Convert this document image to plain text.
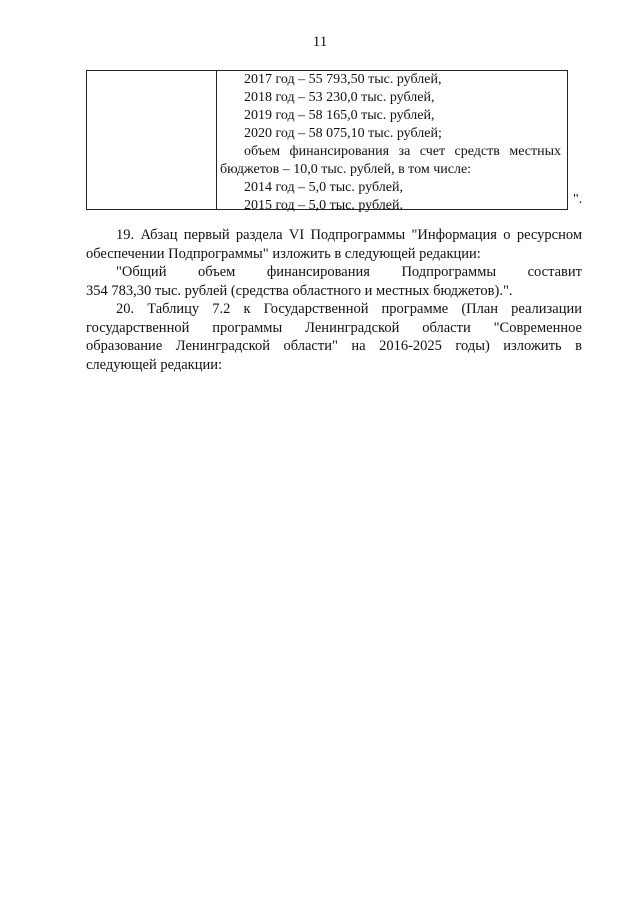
11
2017 год – 55 793,50 тыс. рублей,
2018 год – 53 230,0 тыс. рублей,
2019 год – 58 165,0 тыс. рублей,
2020 год – 58 075,10 тыс. рублей;
объем финансирования за счет средств местных
бюджетов – 10,0 тыс. рублей, в том числе:
2014 год – 5,0 тыс. рублей,
2015 год – 5,0 тыс. рублей.	".
19. Абзац первый раздела VI Подпрограммы "Информация о ресурсном
обеспечении Подпрограммы" изложить в следующей редакции:
"Общий объем финансирования Подпрограммы составит
354 783,30 тыс. рублей (средства областного и местных бюджетов).".
20. Таблицу 7.2 к Государственной программе (План реализации
государственной программы Ленинградской области "Современное
образование Ленинградской области" на 2016-2025 годы) изложить в
следующей редакции:
